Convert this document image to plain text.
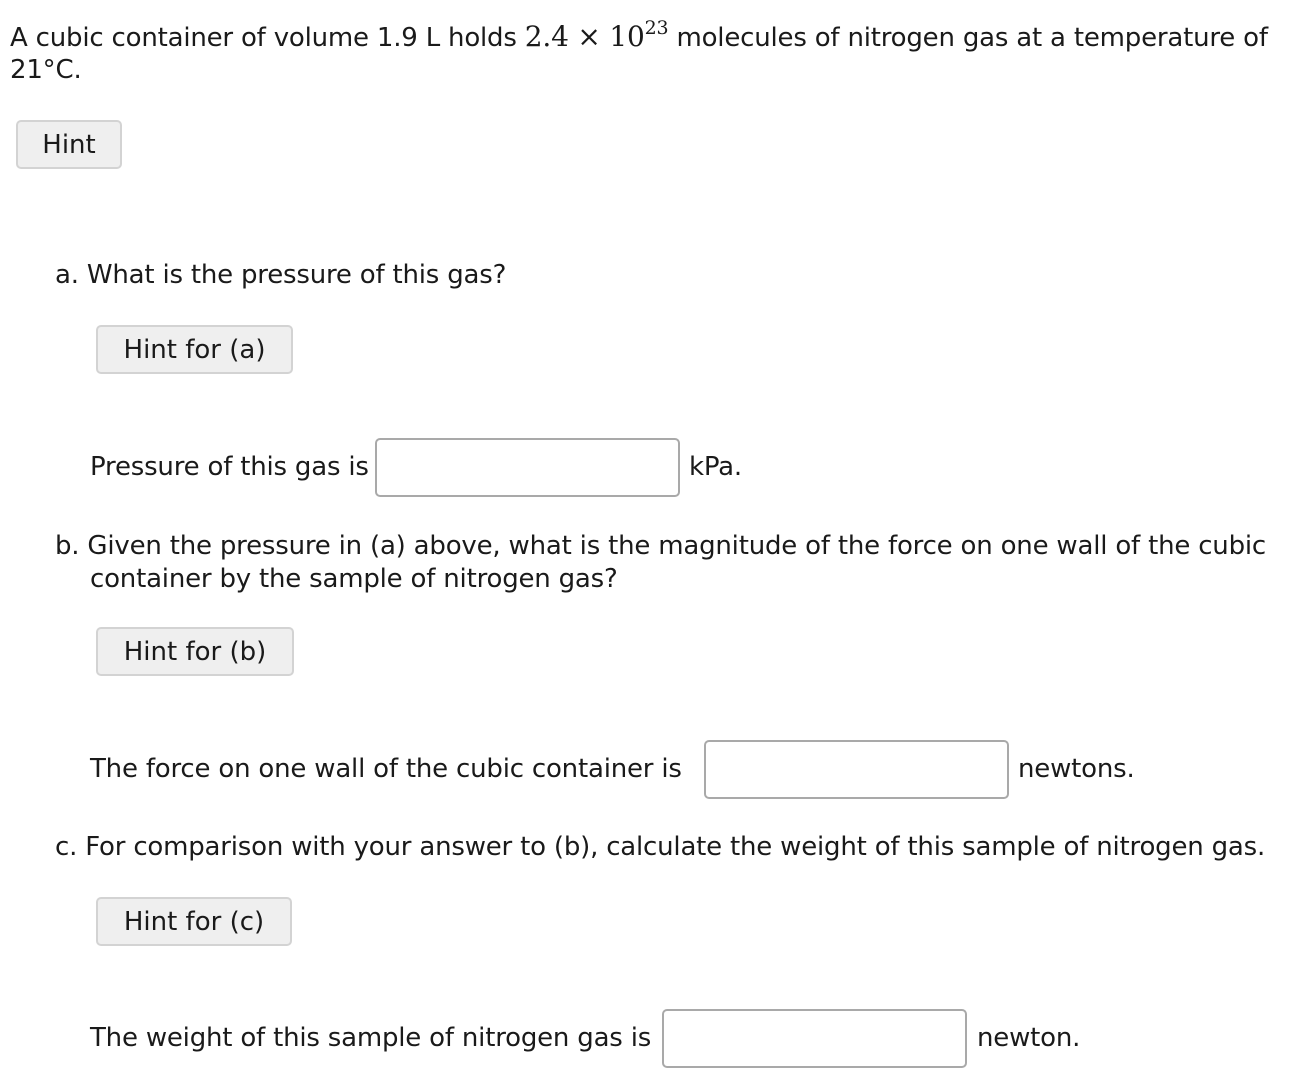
A cubic container of volume 1.9 L holds $2.4 \times 10^{23}$ molecules of nitrogen gas at a temperature of
21°C.
Hint
a. What is the pressure of this gas?
Hint for (a)
Pressure of this gas is	kPa.
b. Given the pressure in (a) above, what is the magnitude of the force on one wall of the cubic
container by the sample of nitrogen gas?
Hint for (b)
The force on one wall of the cubic container is	newtons.
c. For comparison with your answer to (b), calculate the weight of this sample of nitrogen gas.
Hint for (c)
The weight of this sample of nitrogen gas is	newton.
